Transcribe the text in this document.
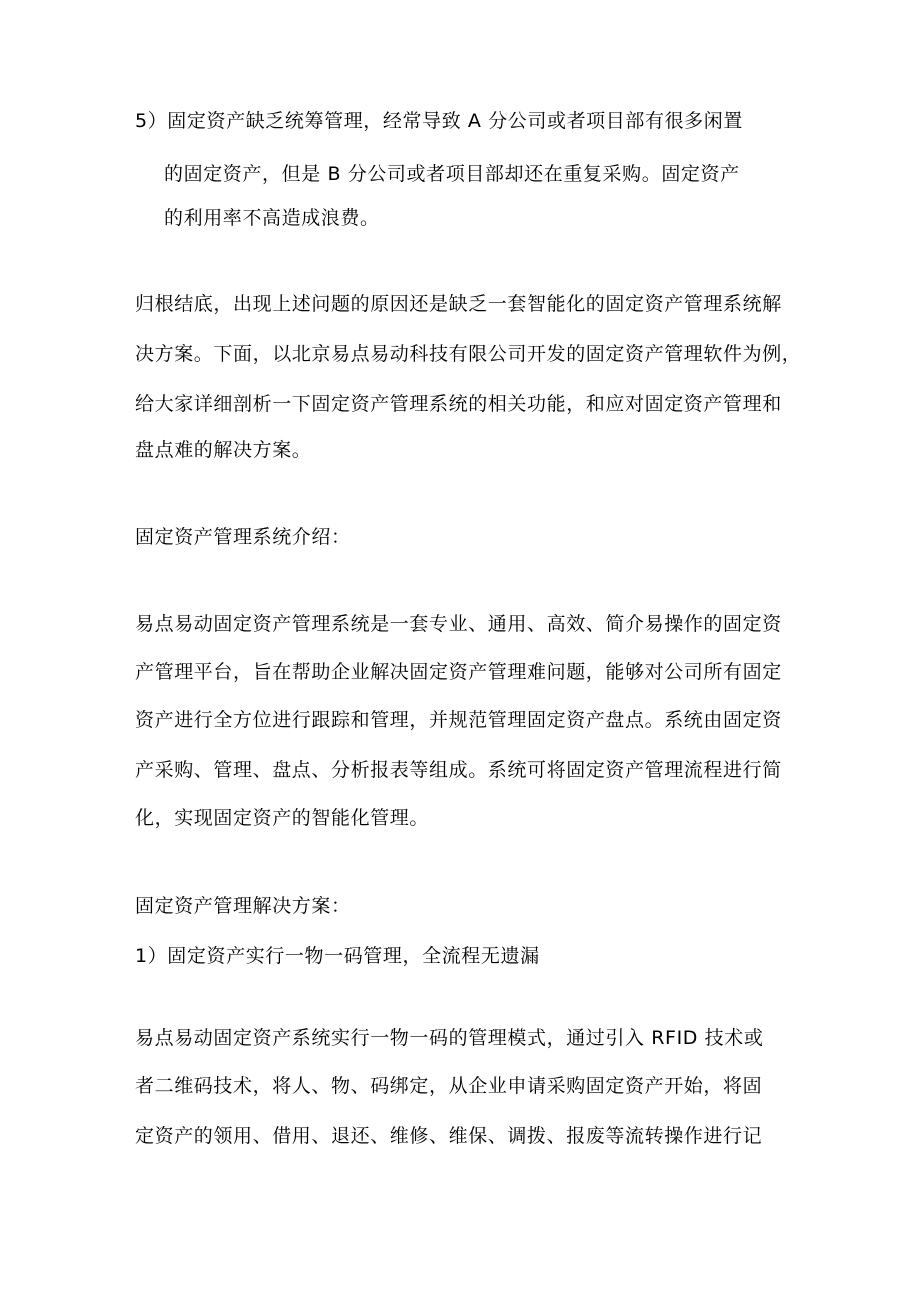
5）固定资产缺乏统筹管理，经常导致 A 分公司或者项目部有很多闲置
的固定资产，但是 B 分公司或者项目部却还在重复采购。固定资产
的利用率不高造成浪费。
归根结底，出现上述问题的原因还是缺乏一套智能化的固定资产管理系统解
决方案。下面，以北京易点易动科技有限公司开发的固定资产管理软件为例，
给大家详细剖析一下固定资产管理系统的相关功能，和应对固定资产管理和
盘点难的解决方案。
固定资产管理系统介绍：
易点易动固定资产管理系统是一套专业、通用、高效、简介易操作的固定资
产管理平台，旨在帮助企业解决固定资产管理难问题，能够对公司所有固定
资产进行全方位进行跟踪和管理，并规范管理固定资产盘点。系统由固定资
产采购、管理、盘点、分析报表等组成。系统可将固定资产管理流程进行简
化，实现固定资产的智能化管理。
固定资产管理解决方案：
1）固定资产实行一物一码管理，全流程无遗漏
易点易动固定资产系统实行一物一码的管理模式，通过引入 RFID 技术或
者二维码技术，将人、物、码绑定，从企业申请采购固定资产开始，将固
定资产的领用、借用、退还、维修、维保、调拨、报废等流转操作进行记
